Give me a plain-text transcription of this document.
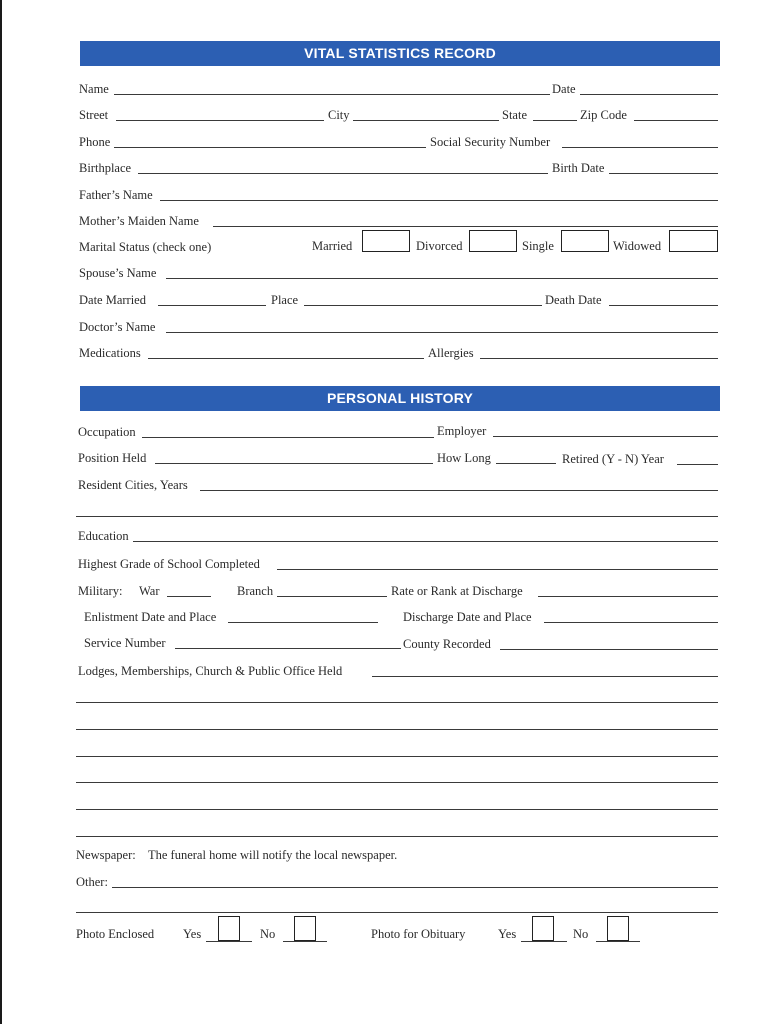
VITAL STATISTICS RECORD
Name	Date
Street	City	State	Zip Code
Phone	Social Security Number
Birthplace	Birth Date
Father’s Name
Mother’s Maiden Name
Marital Status (check one)	Married	Divorced	Single	Widowed
Spouse’s Name
Date Married	Place	Death Date
Doctor’s Name
Medications	Allergies
PERSONAL HISTORY
Occupation	Employer
Position Held	How Long	Retired (Y - N) Year
Resident Cities, Years
Education
Highest Grade of School Completed
Military: War	Branch	Rate or Rank at Discharge
Enlistment Date and Place	Discharge Date and Place
Service Number	County Recorded
Lodges, Memberships, Church & Public Office Held
Newspaper: The funeral home will notify the local newspaper.
Other:
Photo Enclosed Yes	No	Photo for Obituary	Yes	No
